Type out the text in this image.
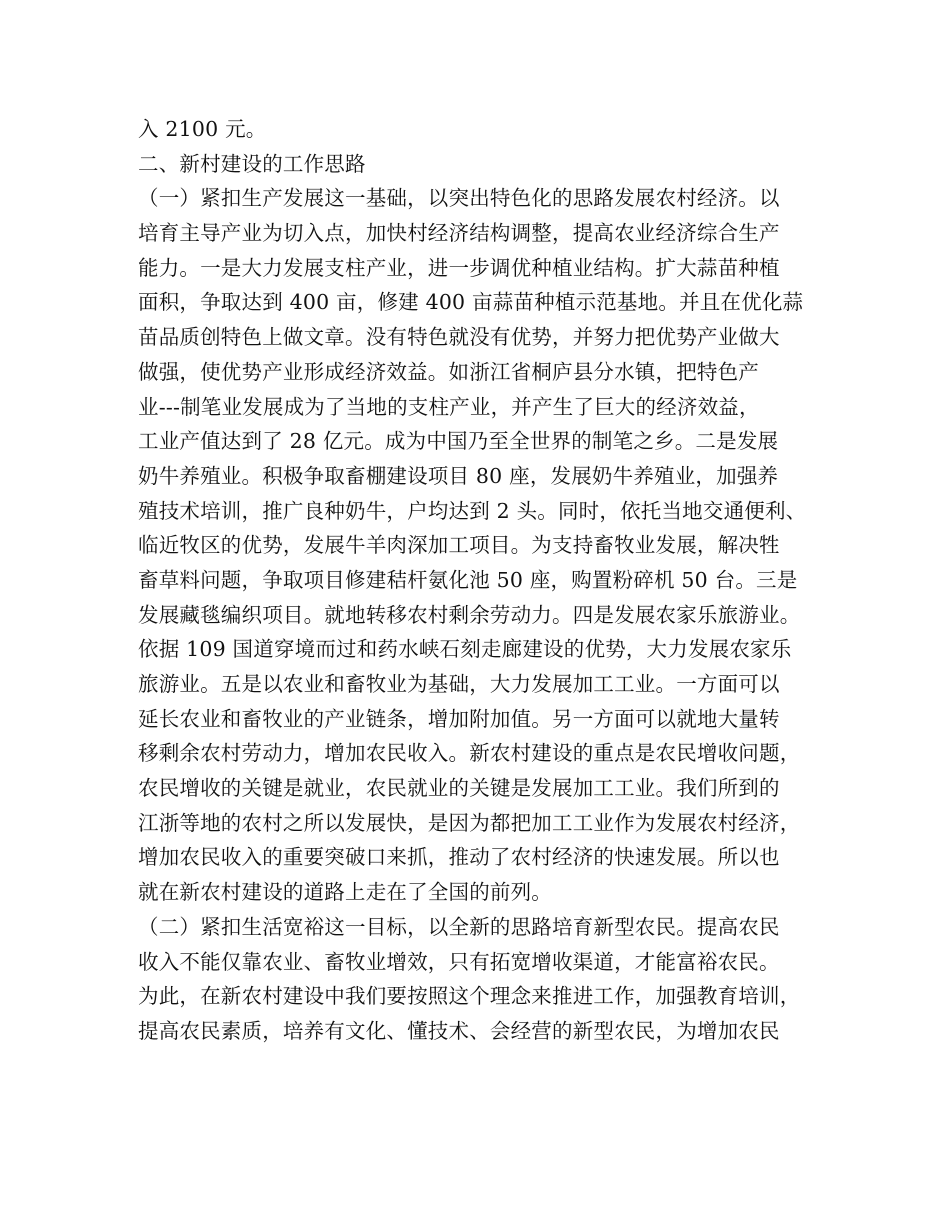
入 2100 元。
二、新村建设的工作思路
（一）紧扣生产发展这一基础，以突出特色化的思路发展农村经济。以
培育主导产业为切入点，加快村经济结构调整，提高农业经济综合生产
能力。一是大力发展支柱产业，进一步调优种植业结构。扩大蒜苗种植
面积，争取达到 400 亩，修建 400 亩蒜苗种植示范基地。并且在优化蒜
苗品质创特色上做文章。没有特色就没有优势，并努力把优势产业做大
做强，使优势产业形成经济效益。如浙江省桐庐县分水镇，把特色产
业---制笔业发展成为了当地的支柱产业，并产生了巨大的经济效益，
工业产值达到了 28 亿元。成为中国乃至全世界的制笔之乡。二是发展
奶牛养殖业。积极争取畜棚建设项目 80 座，发展奶牛养殖业，加强养
殖技术培训，推广良种奶牛，户均达到 2 头。同时，依托当地交通便利、
临近牧区的优势，发展牛羊肉深加工项目。为支持畜牧业发展，解决牲
畜草料问题，争取项目修建秸杆氨化池 50 座，购置粉碎机 50 台。三是
发展藏毯编织项目。就地转移农村剩余劳动力。四是发展农家乐旅游业。
依据 109 国道穿境而过和药水峡石刻走廊建设的优势，大力发展农家乐
旅游业。五是以农业和畜牧业为基础，大力发展加工工业。一方面可以
延长农业和畜牧业的产业链条，增加附加值。另一方面可以就地大量转
移剩余农村劳动力，增加农民收入。新农村建设的重点是农民增收问题，
农民增收的关键是就业，农民就业的关键是发展加工工业。我们所到的
江浙等地的农村之所以发展快，是因为都把加工工业作为发展农村经济，
增加农民收入的重要突破口来抓，推动了农村经济的快速发展。所以也
就在新农村建设的道路上走在了全国的前列。
（二）紧扣生活宽裕这一目标，以全新的思路培育新型农民。提高农民
收入不能仅靠农业、畜牧业增效，只有拓宽增收渠道，才能富裕农民。
为此，在新农村建设中我们要按照这个理念来推进工作，加强教育培训，
提高农民素质，培养有文化、懂技术、会经营的新型农民，为增加农民
